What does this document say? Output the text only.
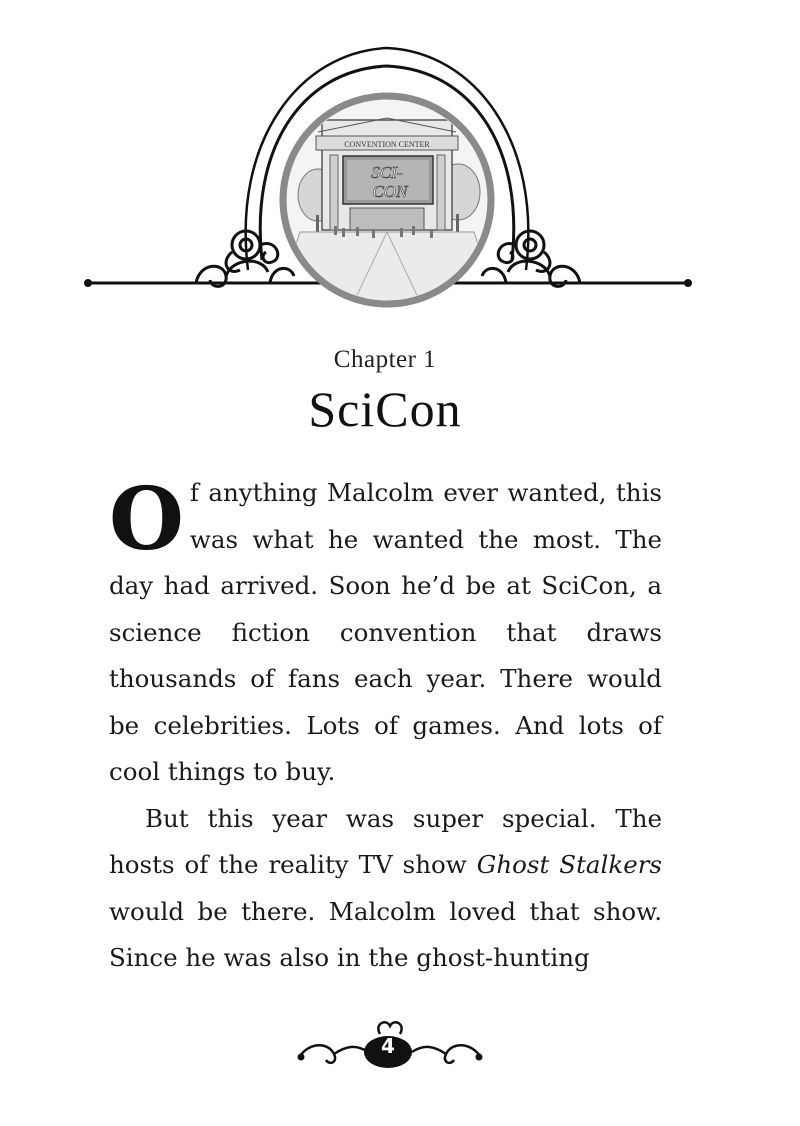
CONVENTION CENTER
SCI-
CON
Chapter 1
SciCon

Of anything Malcolm ever wanted, this was what he wanted the most. The day had arrived. Soon he’d be at SciCon, a science fiction convention that draws thousands of fans each year. There would be celebrities. Lots of games. And lots of cool things to buy.

But this year was super special. The hosts of the reality TV show Ghost Stalkers would be there. Malcolm loved that show. Since he was also in the ghost-hunting

4
